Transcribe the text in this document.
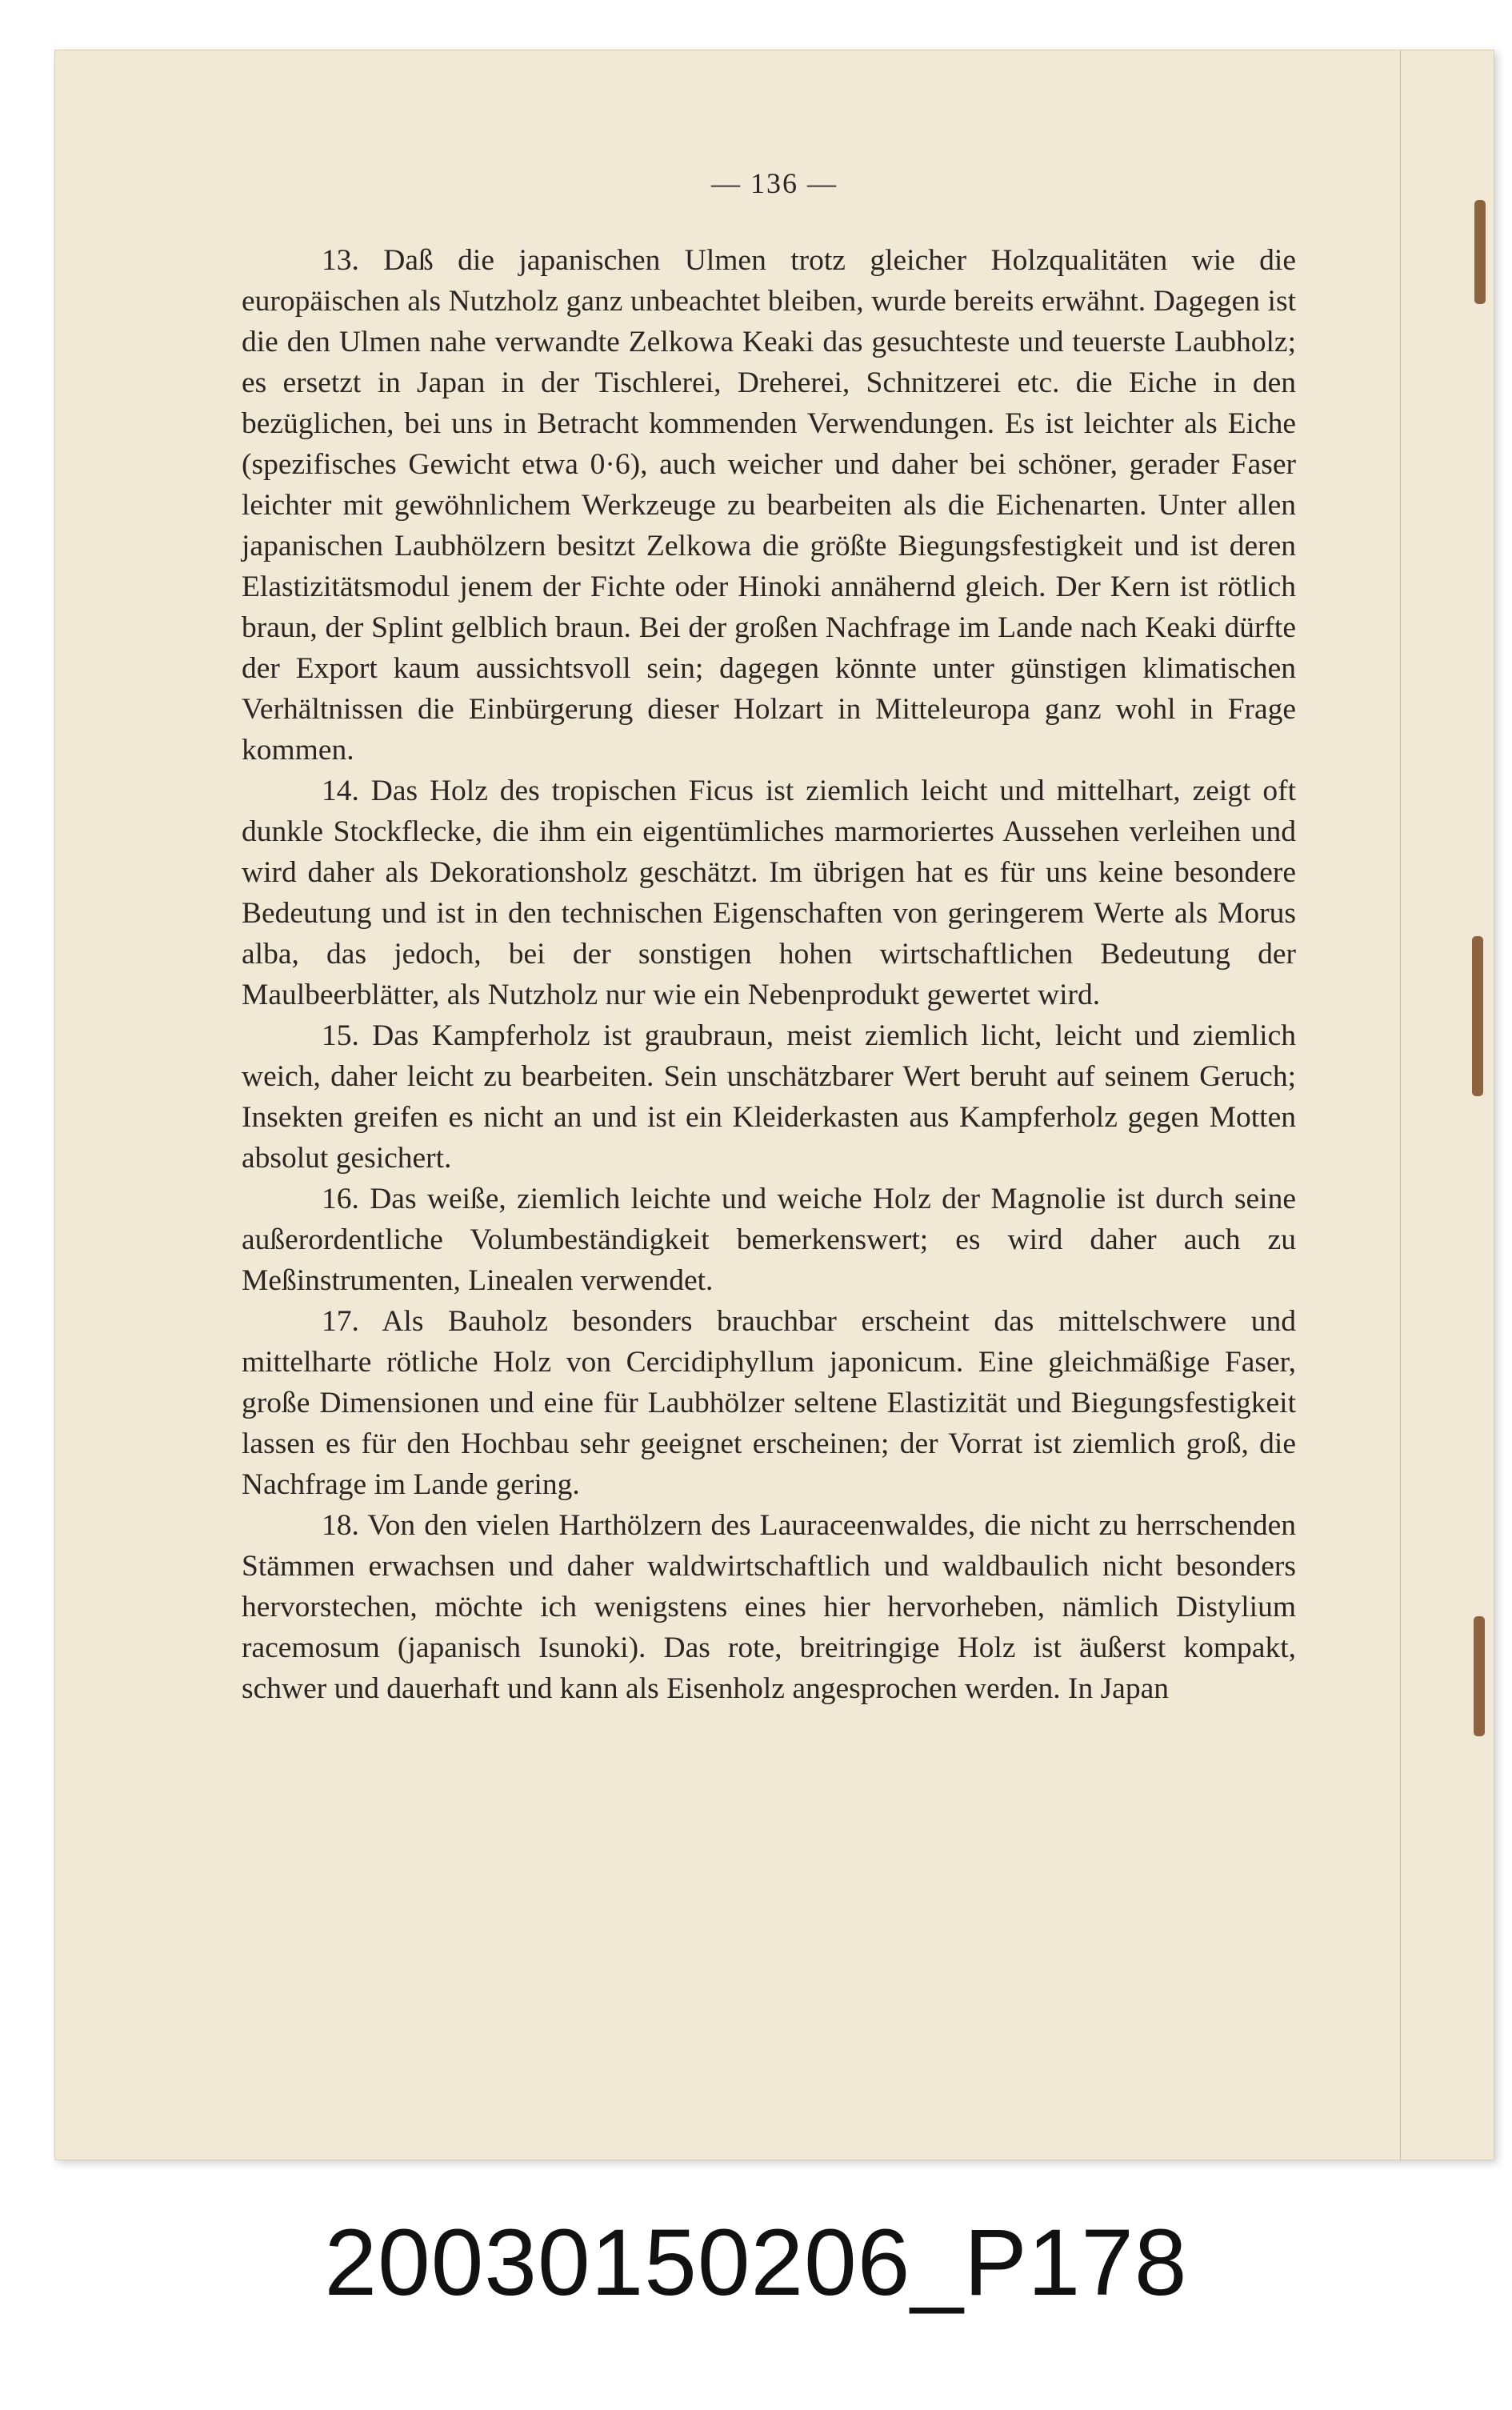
— 136 —

13. Daß die japanischen Ulmen trotz gleicher Holzqualitäten wie die europäischen als Nutzholz ganz unbeachtet bleiben, wurde bereits erwähnt. Dagegen ist die den Ulmen nahe verwandte Zelkowa Keaki das gesuchteste und teuerste Laubholz; es ersetzt in Japan in der Tischlerei, Dreherei, Schnitzerei etc. die Eiche in den bezüglichen, bei uns in Betracht kommenden Verwendungen. Es ist leichter als Eiche (spezifisches Gewicht etwa 0·6), auch weicher und daher bei schöner, gerader Faser leichter mit gewöhnlichem Werkzeuge zu bearbeiten als die Eichenarten. Unter allen japanischen Laubhölzern besitzt Zelkowa die größte Biegungsfestigkeit und ist deren Elastizitätsmodul jenem der Fichte oder Hinoki annähernd gleich. Der Kern ist rötlich braun, der Splint gelblich braun. Bei der großen Nachfrage im Lande nach Keaki dürfte der Export kaum aussichtsvoll sein; dagegen könnte unter günstigen klimatischen Verhältnissen die Einbürgerung dieser Holzart in Mitteleuropa ganz wohl in Frage kommen.

14. Das Holz des tropischen Ficus ist ziemlich leicht und mittelhart, zeigt oft dunkle Stockflecke, die ihm ein eigentümliches marmoriertes Aussehen verleihen und wird daher als Dekorationsholz geschätzt. Im übrigen hat es für uns keine besondere Bedeutung und ist in den technischen Eigenschaften von geringerem Werte als Morus alba, das jedoch, bei der sonstigen hohen wirtschaftlichen Bedeutung der Maulbeerblätter, als Nutzholz nur wie ein Nebenprodukt gewertet wird.

15. Das Kampferholz ist graubraun, meist ziemlich licht, leicht und ziemlich weich, daher leicht zu bearbeiten. Sein unschätzbarer Wert beruht auf seinem Geruch; Insekten greifen es nicht an und ist ein Kleiderkasten aus Kampferholz gegen Motten absolut gesichert.

16. Das weiße, ziemlich leichte und weiche Holz der Magnolie ist durch seine außerordentliche Volumbeständigkeit bemerkenswert; es wird daher auch zu Meßinstrumenten, Linealen verwendet.

17. Als Bauholz besonders brauchbar erscheint das mittelschwere und mittelharte rötliche Holz von Cercidiphyllum japonicum. Eine gleichmäßige Faser, große Dimensionen und eine für Laubhölzer seltene Elastizität und Biegungsfestigkeit lassen es für den Hochbau sehr geeignet erscheinen; der Vorrat ist ziemlich groß, die Nachfrage im Lande gering.

18. Von den vielen Harthölzern des Lauraceenwaldes, die nicht zu herrschenden Stämmen erwachsen und daher waldwirtschaftlich und waldbaulich nicht besonders hervorstechen, möchte ich wenigstens eines hier hervorheben, nämlich Distylium racemosum (japanisch Isunoki). Das rote, breitringige Holz ist äußerst kompakt, schwer und dauerhaft und kann als Eisenholz angesprochen werden. In Japan

20030150206_P178
